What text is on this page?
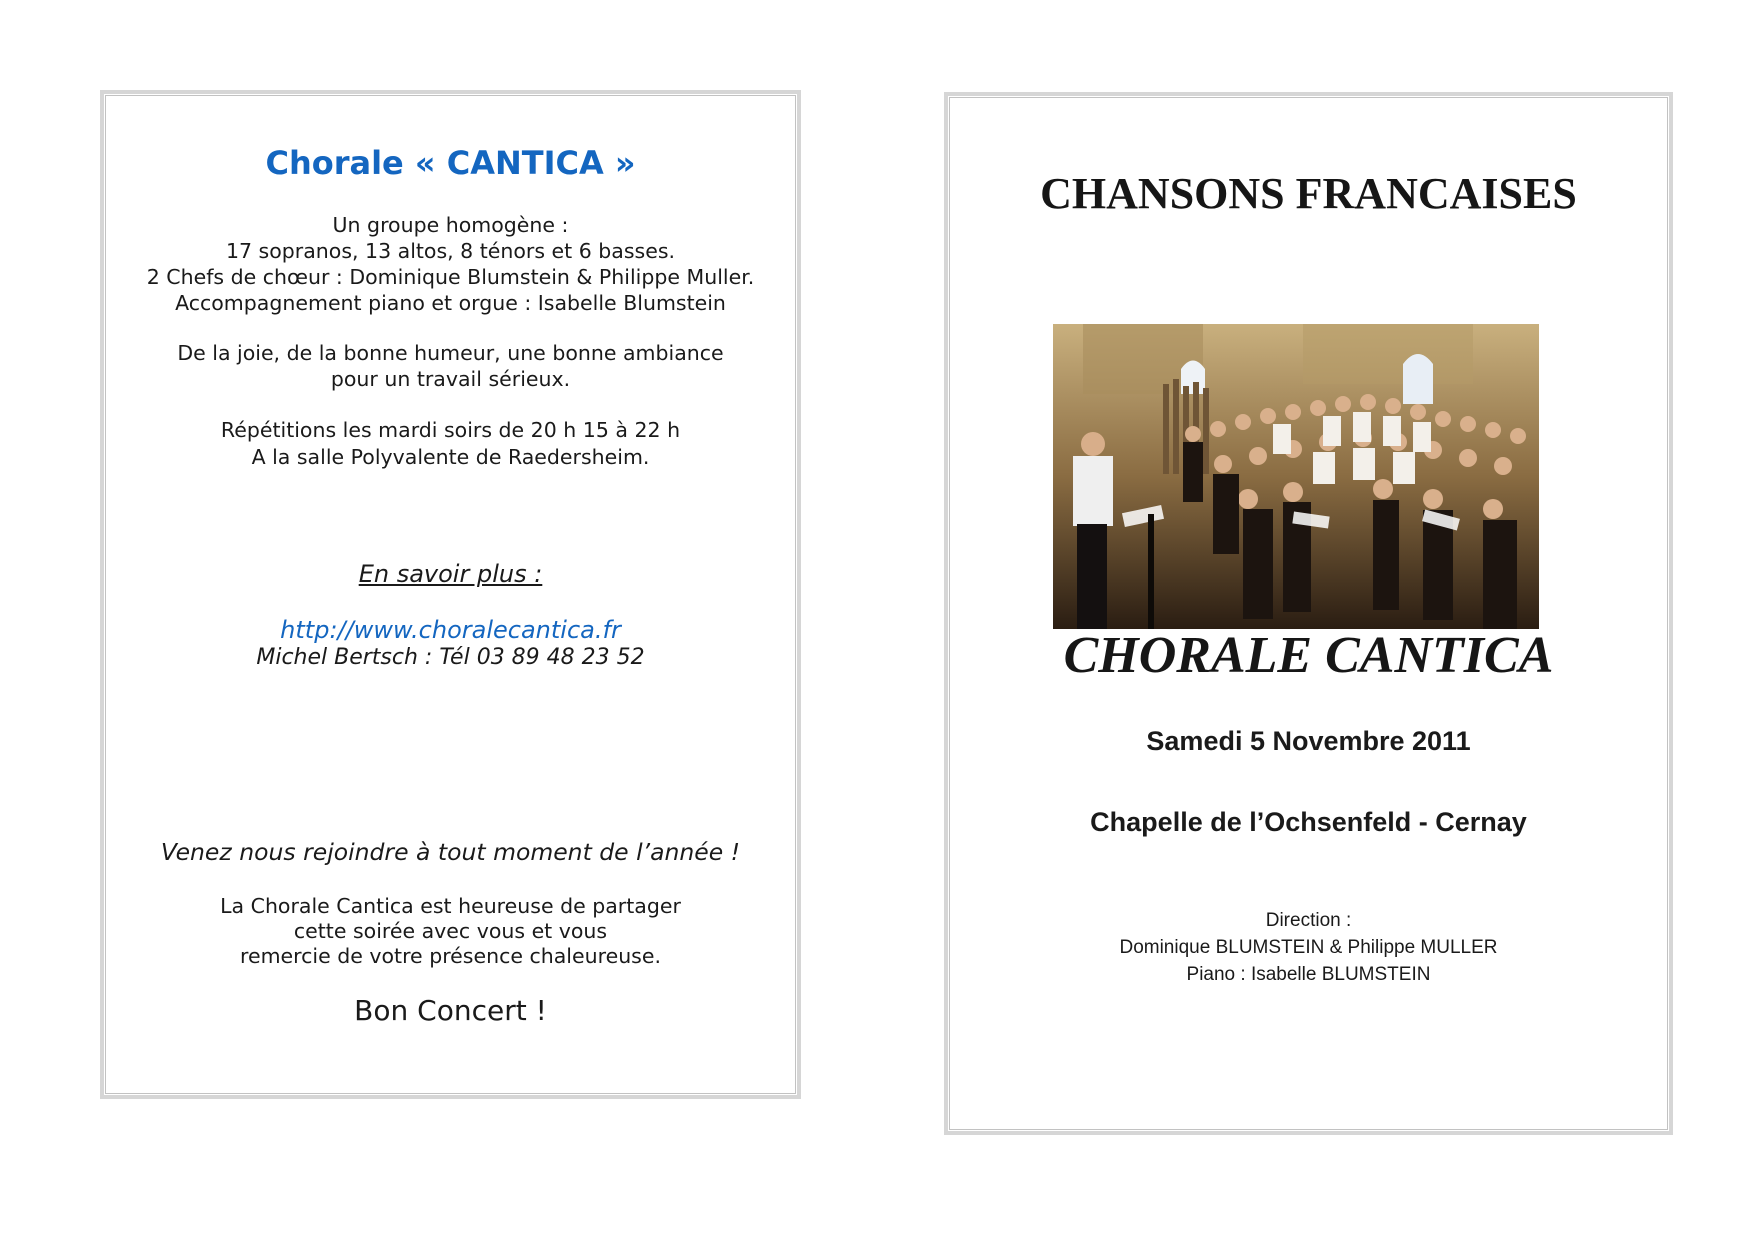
Chorale « CANTICA »
Un groupe homogène :
17 sopranos, 13 altos, 8 ténors et 6 basses.
2 Chefs de chœur : Dominique Blumstein & Philippe Muller.
Accompagnement piano et orgue : Isabelle Blumstein
De la joie, de la bonne humeur, une bonne ambiance
pour un travail sérieux.
Répétitions les mardi soirs de 20 h 15 à 22 h
A la salle Polyvalente de Raedersheim.
En savoir plus :
http://www.choralecantica.fr
Michel Bertsch : Tél 03 89 48 23 52
Venez nous rejoindre à tout moment de l’année !
La Chorale Cantica est heureuse de partager
cette soirée avec vous et vous
remercie de votre présence chaleureuse.
Bon Concert !
CHANSONS FRANCAISES
CHORALE CANTICA
Samedi 5 Novembre 2011
Chapelle de l’Ochsenfeld - Cernay
Direction :
Dominique BLUMSTEIN & Philippe MULLER
Piano : Isabelle BLUMSTEIN
